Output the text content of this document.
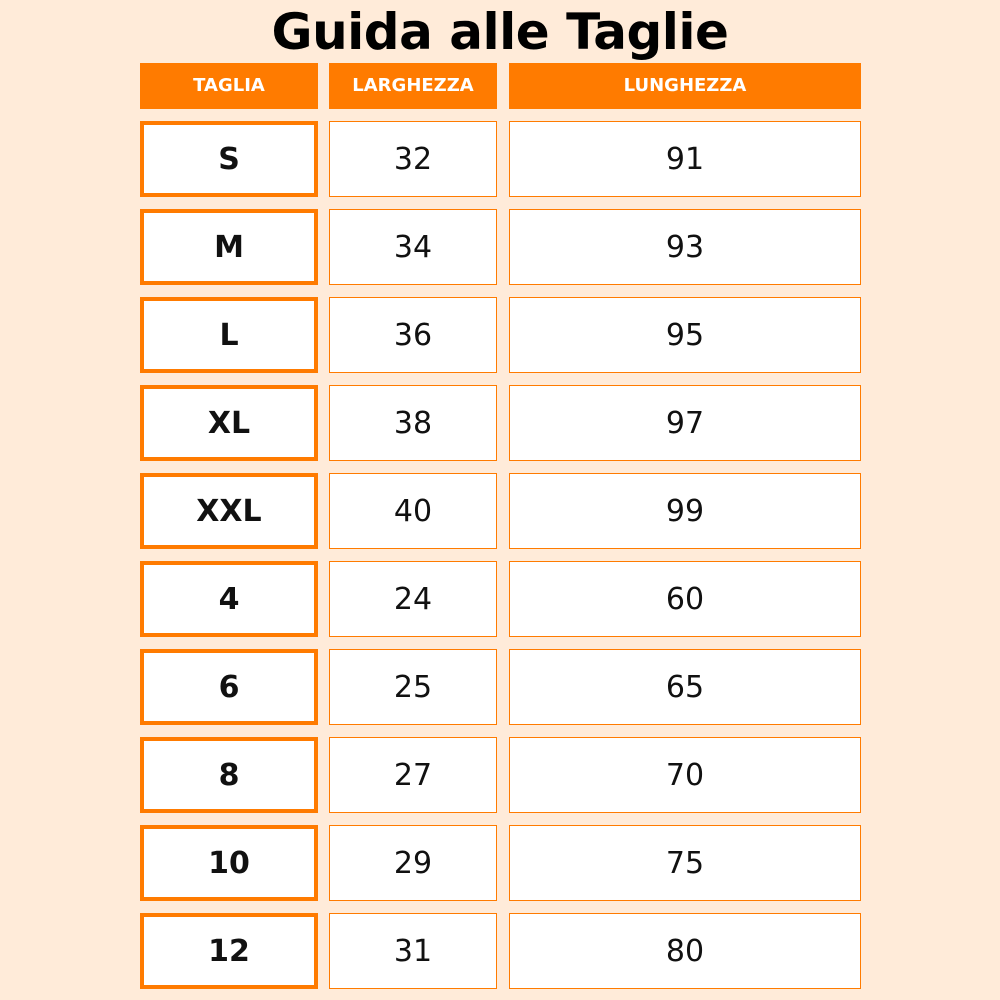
Guida alle Taglie
TAGLIA	LARGHEZZA	LUNGHEZZA
S	32	91
M	34	93
L	36	95
XL	38	97
XXL	40	99
4	24	60
6	25	65
8	27	70
10	29	75
12	31	80
